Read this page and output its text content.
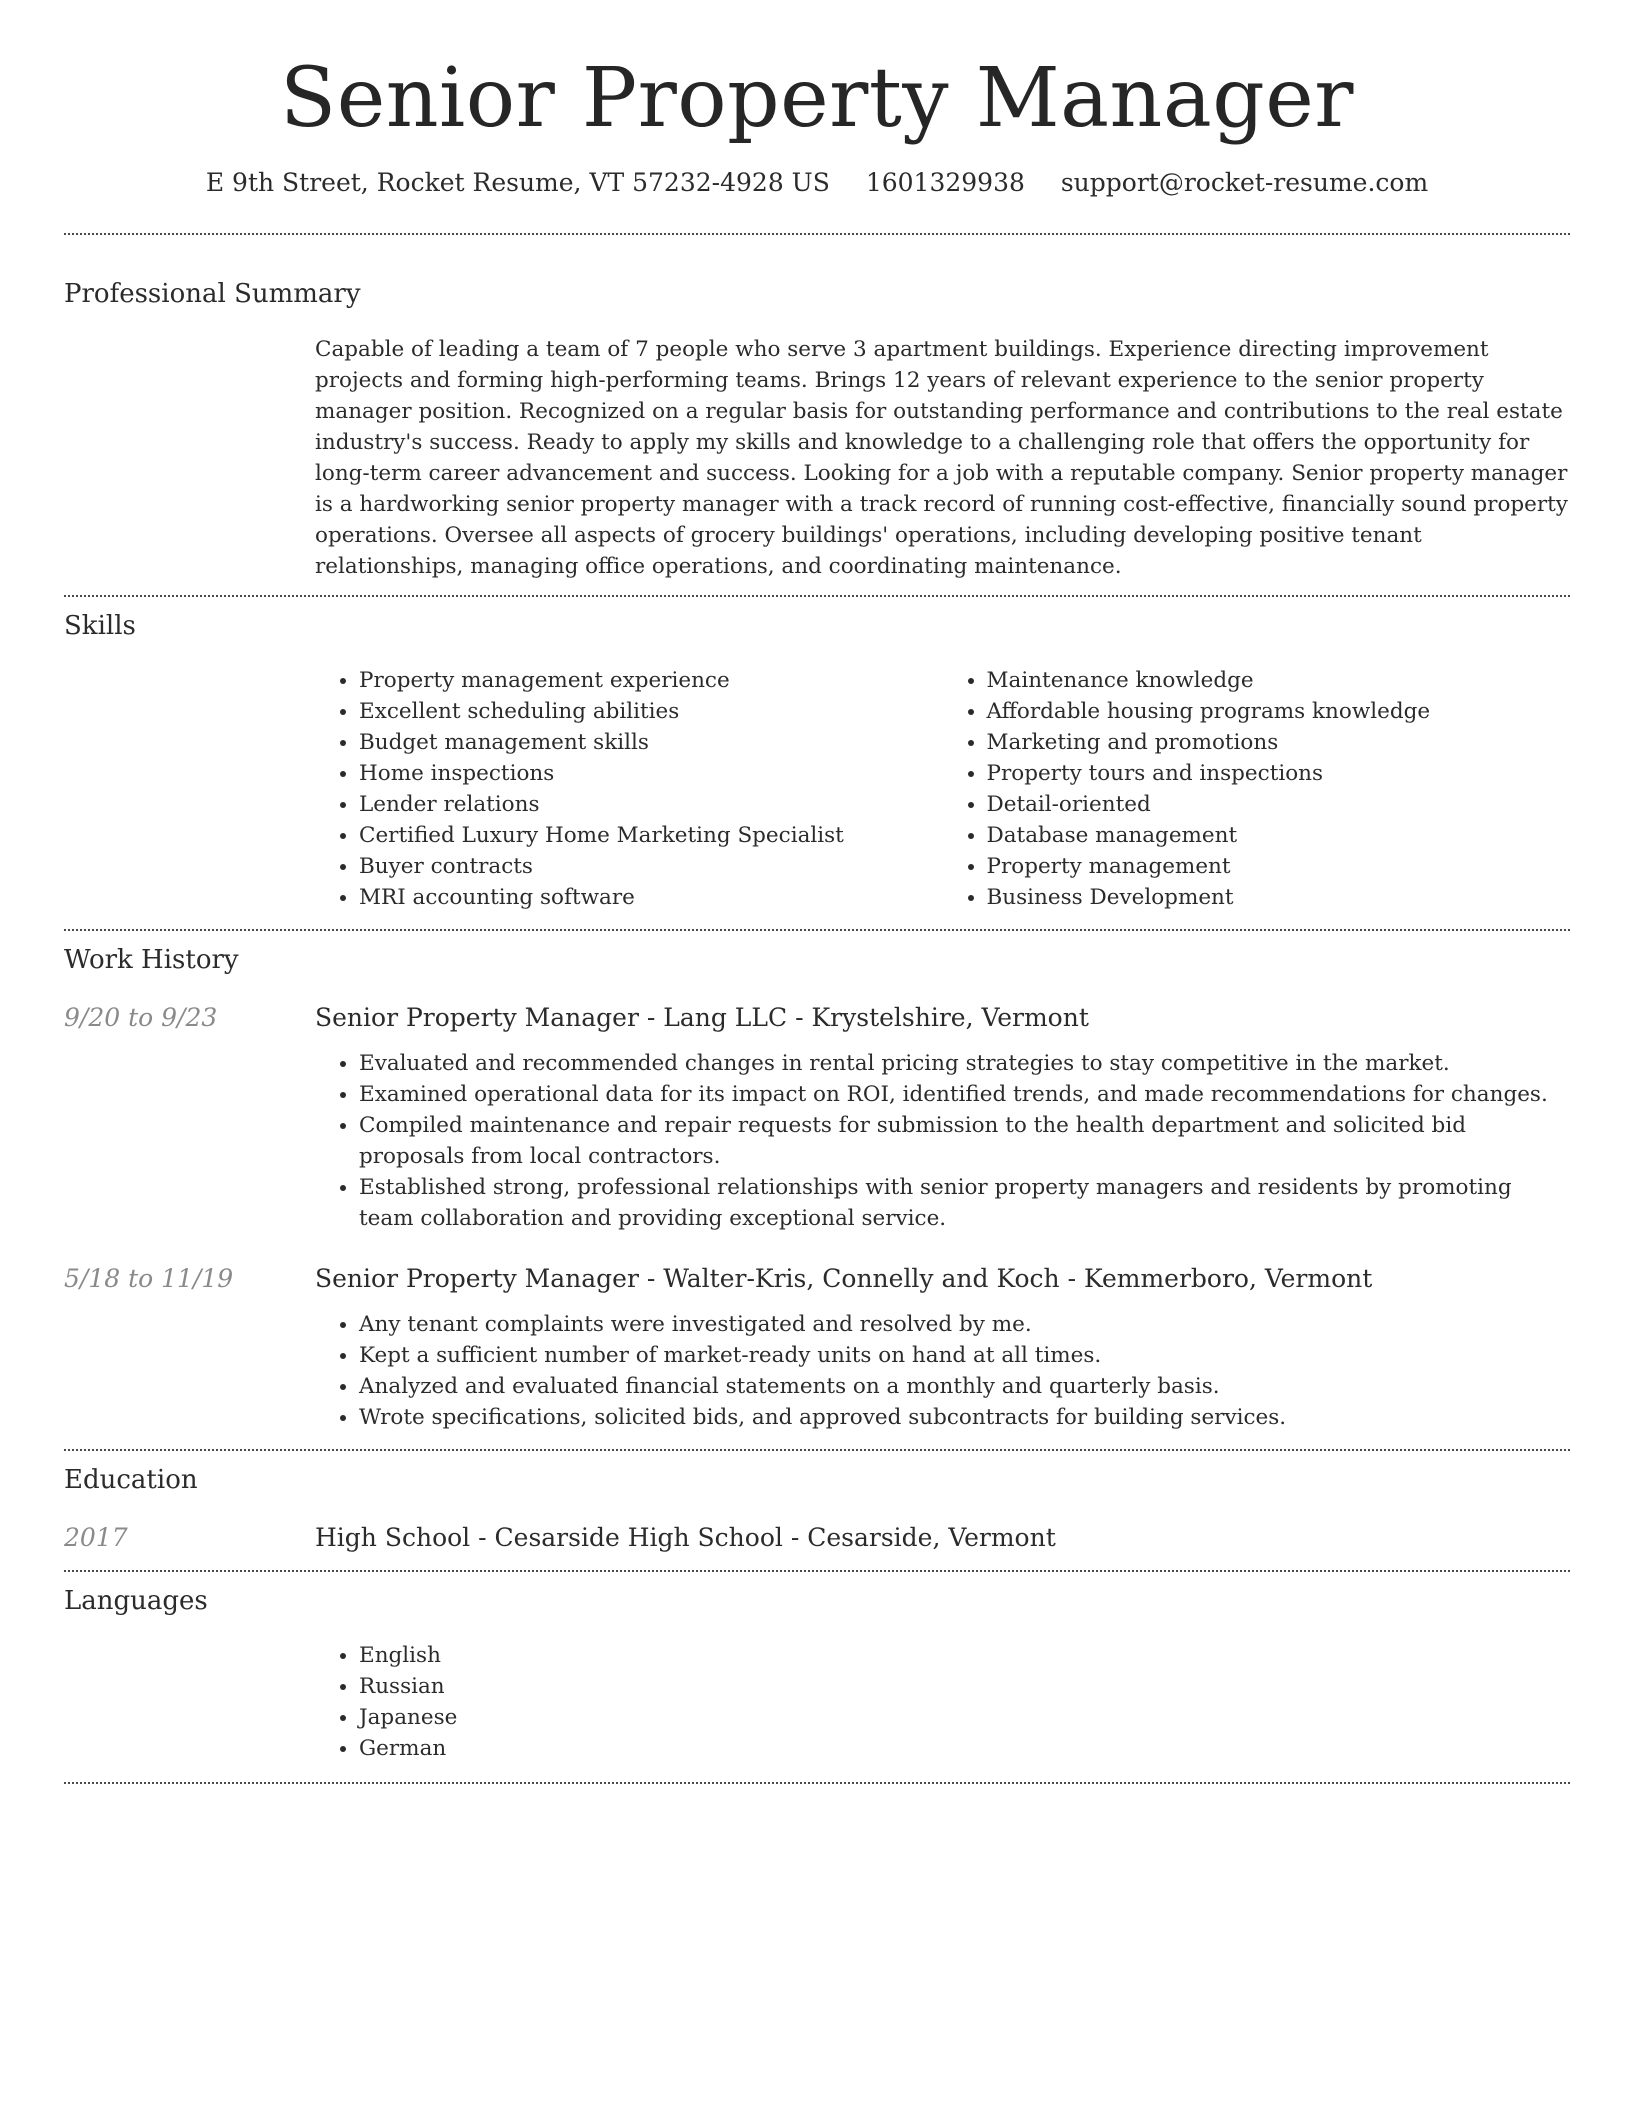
Senior Property Manager
E 9th Street, Rocket Resume, VT 57232-4928 US 1601329938 support@rocket-resume.com
Professional Summary
Capable of leading a team of 7 people who serve 3 apartment buildings. Experience directing improvement projects and forming high-performing teams. Brings 12 years of relevant experience to the senior property manager position. Recognized on a regular basis for outstanding performance and contributions to the real estate industry's success. Ready to apply my skills and knowledge to a challenging role that offers the opportunity for long-term career advancement and success. Looking for a job with a reputable company. Senior property manager is a hardworking senior property manager with a track record of running cost-effective, financially sound property operations. Oversee all aspects of grocery buildings' operations, including developing positive tenant relationships, managing office operations, and coordinating maintenance.
Skills
• Property management experience
• Excellent scheduling abilities
• Budget management skills
• Home inspections
• Lender relations
• Certified Luxury Home Marketing Specialist
• Buyer contracts
• MRI accounting software
• Maintenance knowledge
• Affordable housing programs knowledge
• Marketing and promotions
• Property tours and inspections
• Detail-oriented
• Database management
• Property management
• Business Development
Work History
9/20 to 9/23	Senior Property Manager - Lang LLC - Krystelshire, Vermont
• Evaluated and recommended changes in rental pricing strategies to stay competitive in the market.
• Examined operational data for its impact on ROI, identified trends, and made recommendations for changes.
• Compiled maintenance and repair requests for submission to the health department and solicited bid proposals from local contractors.
• Established strong, professional relationships with senior property managers and residents by promoting team collaboration and providing exceptional service.
5/18 to 11/19	Senior Property Manager - Walter-Kris, Connelly and Koch - Kemmerboro, Vermont
• Any tenant complaints were investigated and resolved by me.
• Kept a sufficient number of market-ready units on hand at all times.
• Analyzed and evaluated financial statements on a monthly and quarterly basis.
• Wrote specifications, solicited bids, and approved subcontracts for building services.
Education
2017	High School - Cesarside High School - Cesarside, Vermont
Languages
• English
• Russian
• Japanese
• German
